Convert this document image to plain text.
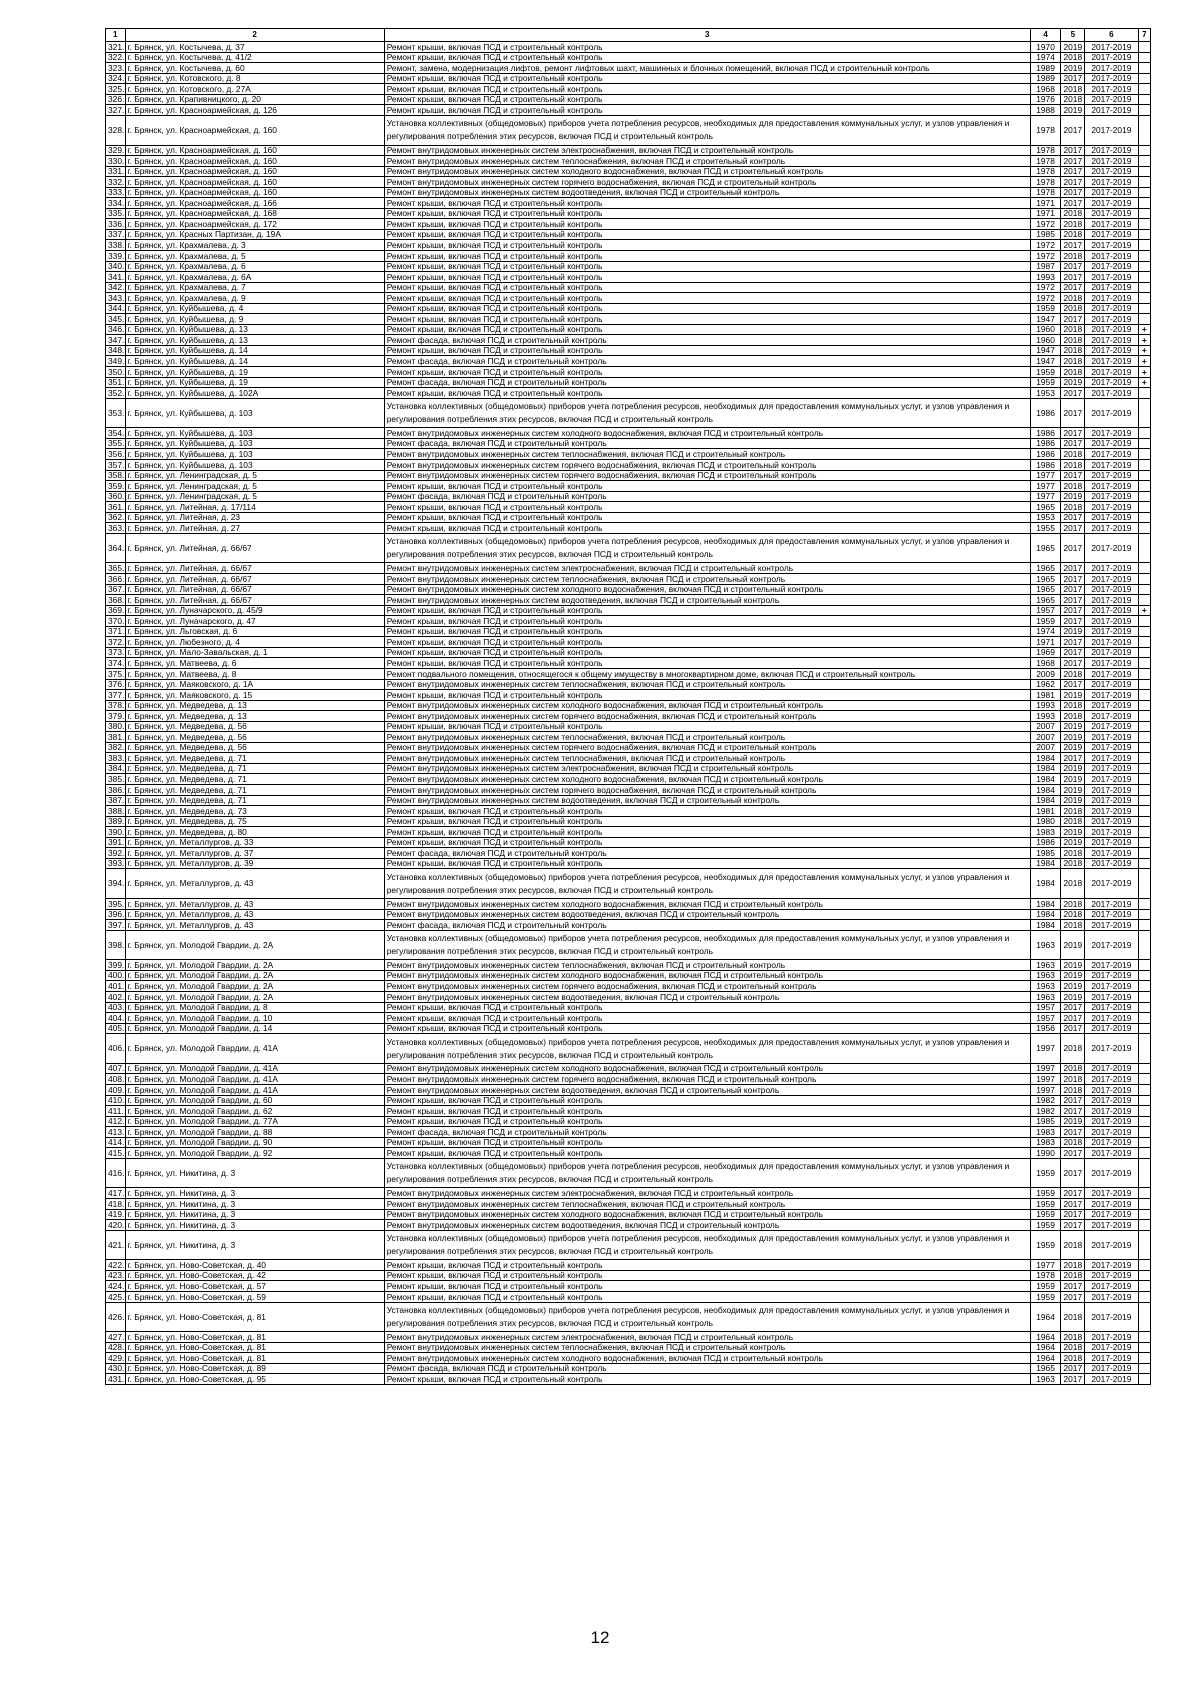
1	2	3	4	5	6	7
321.	г. Брянск, ул. Костычева, д. 37	Ремонт крыши, включая ПСД и строительный контроль	1970	2019	2017-2019	
322.	г. Брянск, ул. Костычева, д. 41/2	Ремонт крыши, включая ПСД и строительный контроль	1974	2018	2017-2019	
323.	г. Брянск, ул. Костычева, д. 60	Ремонт, замена, модернизация лифтов, ремонт лифтовых шахт, машинных и блочных помещений, включая ПСД и строительный контроль	1989	2019	2017-2019	
324.	г. Брянск, ул. Котовского, д. 8	Ремонт крыши, включая ПСД и строительный контроль	1989	2017	2017-2019	
325.	г. Брянск, ул. Котовского, д. 27А	Ремонт крыши, включая ПСД и строительный контроль	1968	2018	2017-2019	
326.	г. Брянск, ул. Крапивницкого, д. 20	Ремонт крыши, включая ПСД и строительный контроль	1976	2018	2017-2019	
327.	г. Брянск, ул. Красноармейская, д. 126	Ремонт крыши, включая ПСД и строительный контроль	1988	2019	2017-2019	
328.	г. Брянск, ул. Красноармейская, д. 160	Установка коллективных (общедомовых) приборов учета потребления ресурсов, необходимых для предоставления коммунальных услуг, и узлов управления и регулирования потребления этих ресурсов, включая ПСД и строительный контроль	1978	2017	2017-2019	
329.	г. Брянск, ул. Красноармейская, д. 160	Ремонт внутридомовых инженерных систем электроснабжения, включая ПСД и строительный контроль	1978	2017	2017-2019	
330.	г. Брянск, ул. Красноармейская, д. 160	Ремонт внутридомовых инженерных систем теплоснабжения, включая ПСД и строительный контроль	1978	2017	2017-2019	
331.	г. Брянск, ул. Красноармейская, д. 160	Ремонт внутридомовых инженерных систем холодного водоснабжения, включая ПСД и строительный контроль	1978	2017	2017-2019	
332.	г. Брянск, ул. Красноармейская, д. 160	Ремонт внутридомовых инженерных систем горячего водоснабжения, включая ПСД и строительный контроль	1978	2017	2017-2019	
333.	г. Брянск, ул. Красноармейская, д. 160	Ремонт внутридомовых инженерных систем водоотведения, включая ПСД и строительный контроль	1978	2017	2017-2019	
334.	г. Брянск, ул. Красноармейская, д. 166	Ремонт крыши, включая ПСД и строительный контроль	1971	2017	2017-2019	
335.	г. Брянск, ул. Красноармейская, д. 168	Ремонт крыши, включая ПСД и строительный контроль	1971	2018	2017-2019	
336.	г. Брянск, ул. Красноармейская, д. 172	Ремонт крыши, включая ПСД и строительный контроль	1972	2018	2017-2019	
337.	г. Брянск, ул. Красных Партизан, д. 19А	Ремонт крыши, включая ПСД и строительный контроль	1985	2018	2017-2019	
338.	г. Брянск, ул. Крахмалева, д. 3	Ремонт крыши, включая ПСД и строительный контроль	1972	2017	2017-2019	
339.	г. Брянск, ул. Крахмалева, д. 5	Ремонт крыши, включая ПСД и строительный контроль	1972	2018	2017-2019	
340.	г. Брянск, ул. Крахмалева, д. 6	Ремонт крыши, включая ПСД и строительный контроль	1987	2017	2017-2019	
341.	г. Брянск, ул. Крахмалева, д. 6А	Ремонт крыши, включая ПСД и строительный контроль	1993	2017	2017-2019	
342.	г. Брянск, ул. Крахмалева, д. 7	Ремонт крыши, включая ПСД и строительный контроль	1972	2017	2017-2019	
343.	г. Брянск, ул. Крахмалева, д. 9	Ремонт крыши, включая ПСД и строительный контроль	1972	2018	2017-2019	
344.	г. Брянск, ул. Куйбышева, д. 4	Ремонт крыши, включая ПСД и строительный контроль	1959	2018	2017-2019	
345.	г. Брянск, ул. Куйбышева, д. 9	Ремонт крыши, включая ПСД и строительный контроль	1947	2017	2017-2019	
346.	г. Брянск, ул. Куйбышева, д. 13	Ремонт крыши, включая ПСД и строительный контроль	1960	2018	2017-2019	+
347.	г. Брянск, ул. Куйбышева, д. 13	Ремонт фасада, включая ПСД и строительный контроль	1960	2018	2017-2019	+
348.	г. Брянск, ул. Куйбышева, д. 14	Ремонт крыши, включая ПСД и строительный контроль	1947	2018	2017-2019	+
349.	г. Брянск, ул. Куйбышева, д. 14	Ремонт фасада, включая ПСД и строительный контроль	1947	2018	2017-2019	+
350.	г. Брянск, ул. Куйбышева, д. 19	Ремонт крыши, включая ПСД и строительный контроль	1959	2018	2017-2019	+
351.	г. Брянск, ул. Куйбышева, д. 19	Ремонт фасада, включая ПСД и строительный контроль	1959	2019	2017-2019	+
352.	г. Брянск, ул. Куйбышева, д. 102А	Ремонт крыши, включая ПСД и строительный контроль	1953	2017	2017-2019	
353.	г. Брянск, ул. Куйбышева, д. 103	Установка коллективных (общедомовых) приборов учета потребления ресурсов, необходимых для предоставления коммунальных услуг, и узлов управления и регулирования потребления этих ресурсов, включая ПСД и строительный контроль	1986	2017	2017-2019	
354.	г. Брянск, ул. Куйбышева, д. 103	Ремонт внутридомовых инженерных систем холодного водоснабжения, включая ПСД и строительный контроль	1986	2017	2017-2019	
355.	г. Брянск, ул. Куйбышева, д. 103	Ремонт фасада, включая ПСД и строительный контроль	1986	2017	2017-2019	
356.	г. Брянск, ул. Куйбышева, д. 103	Ремонт внутридомовых инженерных систем теплоснабжения, включая ПСД и строительный контроль	1986	2018	2017-2019	
357.	г. Брянск, ул. Куйбышева, д. 103	Ремонт внутридомовых инженерных систем горячего водоснабжения, включая ПСД и строительный контроль	1986	2018	2017-2019	
358.	г. Брянск, ул. Ленинградская, д. 5	Ремонт внутридомовых инженерных систем горячего водоснабжения, включая ПСД и строительный контроль	1977	2017	2017-2019	
359.	г. Брянск, ул. Ленинградская, д. 5	Ремонт крыши, включая ПСД и строительный контроль	1977	2018	2017-2019	
360.	г. Брянск, ул. Ленинградская, д. 5	Ремонт фасада, включая ПСД и строительный контроль	1977	2019	2017-2019	
361.	г. Брянск, ул. Литейная, д. 17/114	Ремонт крыши, включая ПСД и строительный контроль	1965	2018	2017-2019	
362.	г. Брянск, ул. Литейная, д. 23	Ремонт крыши, включая ПСД и строительный контроль	1953	2017	2017-2019	
363.	г. Брянск, ул. Литейная, д. 27	Ремонт крыши, включая ПСД и строительный контроль	1955	2017	2017-2019	
364.	г. Брянск, ул. Литейная, д. 66/67	Установка коллективных (общедомовых) приборов учета потребления ресурсов, необходимых для предоставления коммунальных услуг, и узлов управления и регулирования потребления этих ресурсов, включая ПСД и строительный контроль	1965	2017	2017-2019	
365.	г. Брянск, ул. Литейная, д. 66/67	Ремонт внутридомовых инженерных систем электроснабжения, включая ПСД и строительный контроль	1965	2017	2017-2019	
366.	г. Брянск, ул. Литейная, д. 66/67	Ремонт внутридомовых инженерных систем теплоснабжения, включая ПСД и строительный контроль	1965	2017	2017-2019	
367.	г. Брянск, ул. Литейная, д. 66/67	Ремонт внутридомовых инженерных систем холодного водоснабжения, включая ПСД и строительный контроль	1965	2017	2017-2019	
368.	г. Брянск, ул. Литейная, д. 66/67	Ремонт внутридомовых инженерных систем водоотведения, включая ПСД и строительный контроль	1965	2017	2017-2019	
369.	г. Брянск, ул. Луначарского, д. 45/9	Ремонт крыши, включая ПСД и строительный контроль	1957	2017	2017-2019	+
370.	г. Брянск, ул. Луначарского, д. 47	Ремонт крыши, включая ПСД и строительный контроль	1959	2017	2017-2019	
371.	г. Брянск, ул. Льговская, д. 6	Ремонт крыши, включая ПСД и строительный контроль	1974	2019	2017-2019	
372.	г. Брянск, ул. Любезного, д. 4	Ремонт крыши, включая ПСД и строительный контроль	1971	2017	2017-2019	
373.	г. Брянск, ул. Мало-Завальская, д. 1	Ремонт крыши, включая ПСД и строительный контроль	1969	2017	2017-2019	
374.	г. Брянск, ул. Матвеева, д. 6	Ремонт крыши, включая ПСД и строительный контроль	1968	2017	2017-2019	
375.	г. Брянск, ул. Матвеева, д. 8	Ремонт подвального помещения, относящегося к общему имуществу в многоквартирном доме, включая ПСД и строительный контроль	2009	2018	2017-2019	
376.	г. Брянск, ул. Маяковского, д. 1А	Ремонт внутридомовых инженерных систем теплоснабжения, включая ПСД и строительный контроль	1962	2017	2017-2019	
377.	г. Брянск, ул. Маяковского, д. 15	Ремонт крыши, включая ПСД и строительный контроль	1981	2019	2017-2019	
378.	г. Брянск, ул. Медведева, д. 13	Ремонт внутридомовых инженерных систем холодного водоснабжения, включая ПСД и строительный контроль	1993	2018	2017-2019	
379.	г. Брянск, ул. Медведева, д. 13	Ремонт внутридомовых инженерных систем горячего водоснабжения, включая ПСД и строительный контроль	1993	2018	2017-2019	
380.	г. Брянск, ул. Медведева, д. 56	Ремонт крыши, включая ПСД и строительный контроль	2007	2019	2017-2019	
381.	г. Брянск, ул. Медведева, д. 56	Ремонт внутридомовых инженерных систем теплоснабжения, включая ПСД и строительный контроль	2007	2019	2017-2019	
382.	г. Брянск, ул. Медведева, д. 56	Ремонт внутридомовых инженерных систем горячего водоснабжения, включая ПСД и строительный контроль	2007	2019	2017-2019	
383.	г. Брянск, ул. Медведева, д. 71	Ремонт внутридомовых инженерных систем теплоснабжения, включая ПСД и строительный контроль	1984	2017	2017-2019	
384.	г. Брянск, ул. Медведева, д. 71	Ремонт внутридомовых инженерных систем электроснабжения, включая ПСД и строительный контроль	1984	2019	2017-2019	
385.	г. Брянск, ул. Медведева, д. 71	Ремонт внутридомовых инженерных систем холодного водоснабжения, включая ПСД и строительный контроль	1984	2019	2017-2019	
386.	г. Брянск, ул. Медведева, д. 71	Ремонт внутридомовых инженерных систем горячего водоснабжения, включая ПСД и строительный контроль	1984	2019	2017-2019	
387.	г. Брянск, ул. Медведева, д. 71	Ремонт внутридомовых инженерных систем водоотведения, включая ПСД и строительный контроль	1984	2019	2017-2019	
388.	г. Брянск, ул. Медведева, д. 73	Ремонт крыши, включая ПСД и строительный контроль	1981	2018	2017-2019	
389.	г. Брянск, ул. Медведева, д. 75	Ремонт крыши, включая ПСД и строительный контроль	1980	2018	2017-2019	
390.	г. Брянск, ул. Медведева, д. 80	Ремонт крыши, включая ПСД и строительный контроль	1983	2019	2017-2019	
391.	г. Брянск, ул. Металлургов, д. 33	Ремонт крыши, включая ПСД и строительный контроль	1986	2019	2017-2019	
392.	г. Брянск, ул. Металлургов, д. 37	Ремонт фасада, включая ПСД и строительный контроль	1985	2018	2017-2019	
393.	г. Брянск, ул. Металлургов, д. 39	Ремонт крыши, включая ПСД и строительный контроль	1984	2018	2017-2019	
394.	г. Брянск, ул. Металлургов, д. 43	Установка коллективных (общедомовых) приборов учета потребления ресурсов, необходимых для предоставления коммунальных услуг, и узлов управления и регулирования потребления этих ресурсов, включая ПСД и строительный контроль	1984	2018	2017-2019	
395.	г. Брянск, ул. Металлургов, д. 43	Ремонт внутридомовых инженерных систем холодного водоснабжения, включая ПСД и строительный контроль	1984	2018	2017-2019	
396.	г. Брянск, ул. Металлургов, д. 43	Ремонт внутридомовых инженерных систем водоотведения, включая ПСД и строительный контроль	1984	2018	2017-2019	
397.	г. Брянск, ул. Металлургов, д. 43	Ремонт фасада, включая ПСД и строительный контроль	1984	2018	2017-2019	
398.	г. Брянск, ул. Молодой Гвардии, д. 2А	Установка коллективных (общедомовых) приборов учета потребления ресурсов, необходимых для предоставления коммунальных услуг, и узлов управления и регулирования потребления этих ресурсов, включая ПСД и строительный контроль	1963	2019	2017-2019	
399.	г. Брянск, ул. Молодой Гвардии, д. 2А	Ремонт внутридомовых инженерных систем теплоснабжения, включая ПСД и строительный контроль	1963	2019	2017-2019	
400.	г. Брянск, ул. Молодой Гвардии, д. 2А	Ремонт внутридомовых инженерных систем холодного водоснабжения, включая ПСД и строительный контроль	1963	2019	2017-2019	
401.	г. Брянск, ул. Молодой Гвардии, д. 2А	Ремонт внутридомовых инженерных систем горячего водоснабжения, включая ПСД и строительный контроль	1963	2019	2017-2019	
402.	г. Брянск, ул. Молодой Гвардии, д. 2А	Ремонт внутридомовых инженерных систем водоотведения, включая ПСД и строительный контроль	1963	2019	2017-2019	
403.	г. Брянск, ул. Молодой Гвардии, д. 8	Ремонт крыши, включая ПСД и строительный контроль	1957	2017	2017-2019	
404.	г. Брянск, ул. Молодой Гвардии, д. 10	Ремонт крыши, включая ПСД и строительный контроль	1957	2017	2017-2019	
405.	г. Брянск, ул. Молодой Гвардии, д. 14	Ремонт крыши, включая ПСД и строительный контроль	1956	2017	2017-2019	
406.	г. Брянск, ул. Молодой Гвардии, д. 41А	Установка коллективных (общедомовых) приборов учета потребления ресурсов, необходимых для предоставления коммунальных услуг, и узлов управления и регулирования потребления этих ресурсов, включая ПСД и строительный контроль	1997	2018	2017-2019	
407.	г. Брянск, ул. Молодой Гвардии, д. 41А	Ремонт внутридомовых инженерных систем холодного водоснабжения, включая ПСД и строительный контроль	1997	2018	2017-2019	
408.	г. Брянск, ул. Молодой Гвардии, д. 41А	Ремонт внутридомовых инженерных систем горячего водоснабжения, включая ПСД и строительный контроль	1997	2018	2017-2019	
409.	г. Брянск, ул. Молодой Гвардии, д. 41А	Ремонт внутридомовых инженерных систем водоотведения, включая ПСД и строительный контроль	1997	2018	2017-2019	
410.	г. Брянск, ул. Молодой Гвардии, д. 60	Ремонт крыши, включая ПСД и строительный контроль	1982	2017	2017-2019	
411.	г. Брянск, ул. Молодой Гвардии, д. 62	Ремонт крыши, включая ПСД и строительный контроль	1982	2017	2017-2019	
412.	г. Брянск, ул. Молодой Гвардии, д. 77А	Ремонт крыши, включая ПСД и строительный контроль	1985	2019	2017-2019	
413.	г. Брянск, ул. Молодой Гвардии, д. 88	Ремонт фасада, включая ПСД и строительный контроль	1983	2017	2017-2019	
414.	г. Брянск, ул. Молодой Гвардии, д. 90	Ремонт крыши, включая ПСД и строительный контроль	1983	2018	2017-2019	
415.	г. Брянск, ул. Молодой Гвардии, д. 92	Ремонт крыши, включая ПСД и строительный контроль	1990	2017	2017-2019	
416.	г. Брянск, ул. Никитина, д. 3	Установка коллективных (общедомовых) приборов учета потребления ресурсов, необходимых для предоставления коммунальных услуг, и узлов управления и регулирования потребления этих ресурсов, включая ПСД и строительный контроль	1959	2017	2017-2019	
417.	г. Брянск, ул. Никитина, д. 3	Ремонт внутридомовых инженерных систем электроснабжения, включая ПСД и строительный контроль	1959	2017	2017-2019	
418.	г. Брянск, ул. Никитина, д. 3	Ремонт внутридомовых инженерных систем теплоснабжения, включая ПСД и строительный контроль	1959	2017	2017-2019	
419.	г. Брянск, ул. Никитина, д. 3	Ремонт внутридомовых инженерных систем холодного водоснабжения, включая ПСД и строительный контроль	1959	2017	2017-2019	
420.	г. Брянск, ул. Никитина, д. 3	Ремонт внутридомовых инженерных систем водоотведения, включая ПСД и строительный контроль	1959	2017	2017-2019	
421.	г. Брянск, ул. Никитина, д. 3	Установка коллективных (общедомовых) приборов учета потребления ресурсов, необходимых для предоставления коммунальных услуг, и узлов управления и регулирования потребления этих ресурсов, включая ПСД и строительный контроль	1959	2018	2017-2019	
422.	г. Брянск, ул. Ново-Советская, д. 40	Ремонт крыши, включая ПСД и строительный контроль	1977	2018	2017-2019	
423.	г. Брянск, ул. Ново-Советская, д. 42	Ремонт крыши, включая ПСД и строительный контроль	1978	2018	2017-2019	
424.	г. Брянск, ул. Ново-Советская, д. 57	Ремонт крыши, включая ПСД и строительный контроль	1959	2017	2017-2019	
425.	г. Брянск, ул. Ново-Советская, д. 59	Ремонт крыши, включая ПСД и строительный контроль	1959	2017	2017-2019	
426.	г. Брянск, ул. Ново-Советская, д. 81	Установка коллективных (общедомовых) приборов учета потребления ресурсов, необходимых для предоставления коммунальных услуг, и узлов управления и регулирования потребления этих ресурсов, включая ПСД и строительный контроль	1964	2018	2017-2019	
427.	г. Брянск, ул. Ново-Советская, д. 81	Ремонт внутридомовых инженерных систем электроснабжения, включая ПСД и строительный контроль	1964	2018	2017-2019	
428.	г. Брянск, ул. Ново-Советская, д. 81	Ремонт внутридомовых инженерных систем теплоснабжения, включая ПСД и строительный контроль	1964	2018	2017-2019	
429.	г. Брянск, ул. Ново-Советская, д. 81	Ремонт внутридомовых инженерных систем холодного водоснабжения, включая ПСД и строительный контроль	1964	2018	2017-2019	
430.	г. Брянск, ул. Ново-Советская, д. 89	Ремонт фасада, включая ПСД и строительный контроль	1965	2017	2017-2019	
431.	г. Брянск, ул. Ново-Советская, д. 95	Ремонт крыши, включая ПСД и строительный контроль	1963	2017	2017-2019	
12
